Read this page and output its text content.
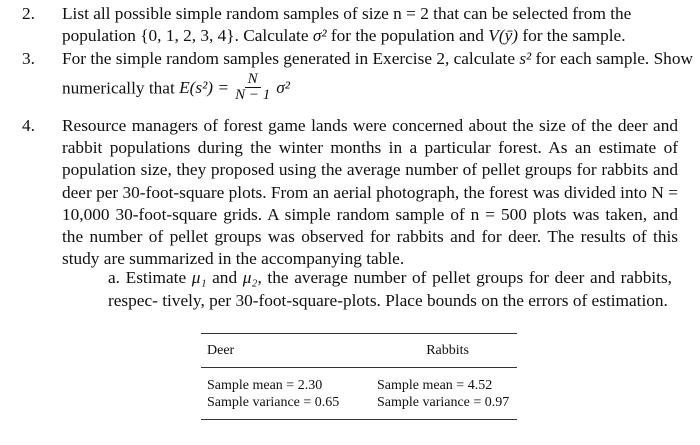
2. List all possible simple random samples of size n = 2 that can be selected from the
population {0, 1, 2, 3, 4}. Calculate σ² for the population and V(ȳ) for the sample.
3. For the simple random samples generated in Exercise 2, calculate s² for each sample. Show
numerically that $E(s^2) = \frac{N}{N - 1} \sigma^2$
4. Resource managers of forest game lands were concerned about the size of the deer and rabbit populations during the winter months in a particular forest. As an estimate of population size, they proposed using the average number of pellet groups for rabbits and deer per 30-foot-square plots. From an aerial photograph, the forest was divided into N = 10,000 30-foot-square grids. A simple random sample of n = 500 plots was taken, and the number of pellet groups was observed for rabbits and for deer. The results of this study are summarized in the accompanying table.
a. Estimate μ₁ and μ₂, the average number of pellet groups for deer and rabbits, respec- tively, per 30-foot-square-plots. Place bounds on the errors of estimation.
Deer	Rabbits
Sample mean = 2.30
Sample variance = 0.65
Sample mean = 4.52
Sample variance = 0.97
